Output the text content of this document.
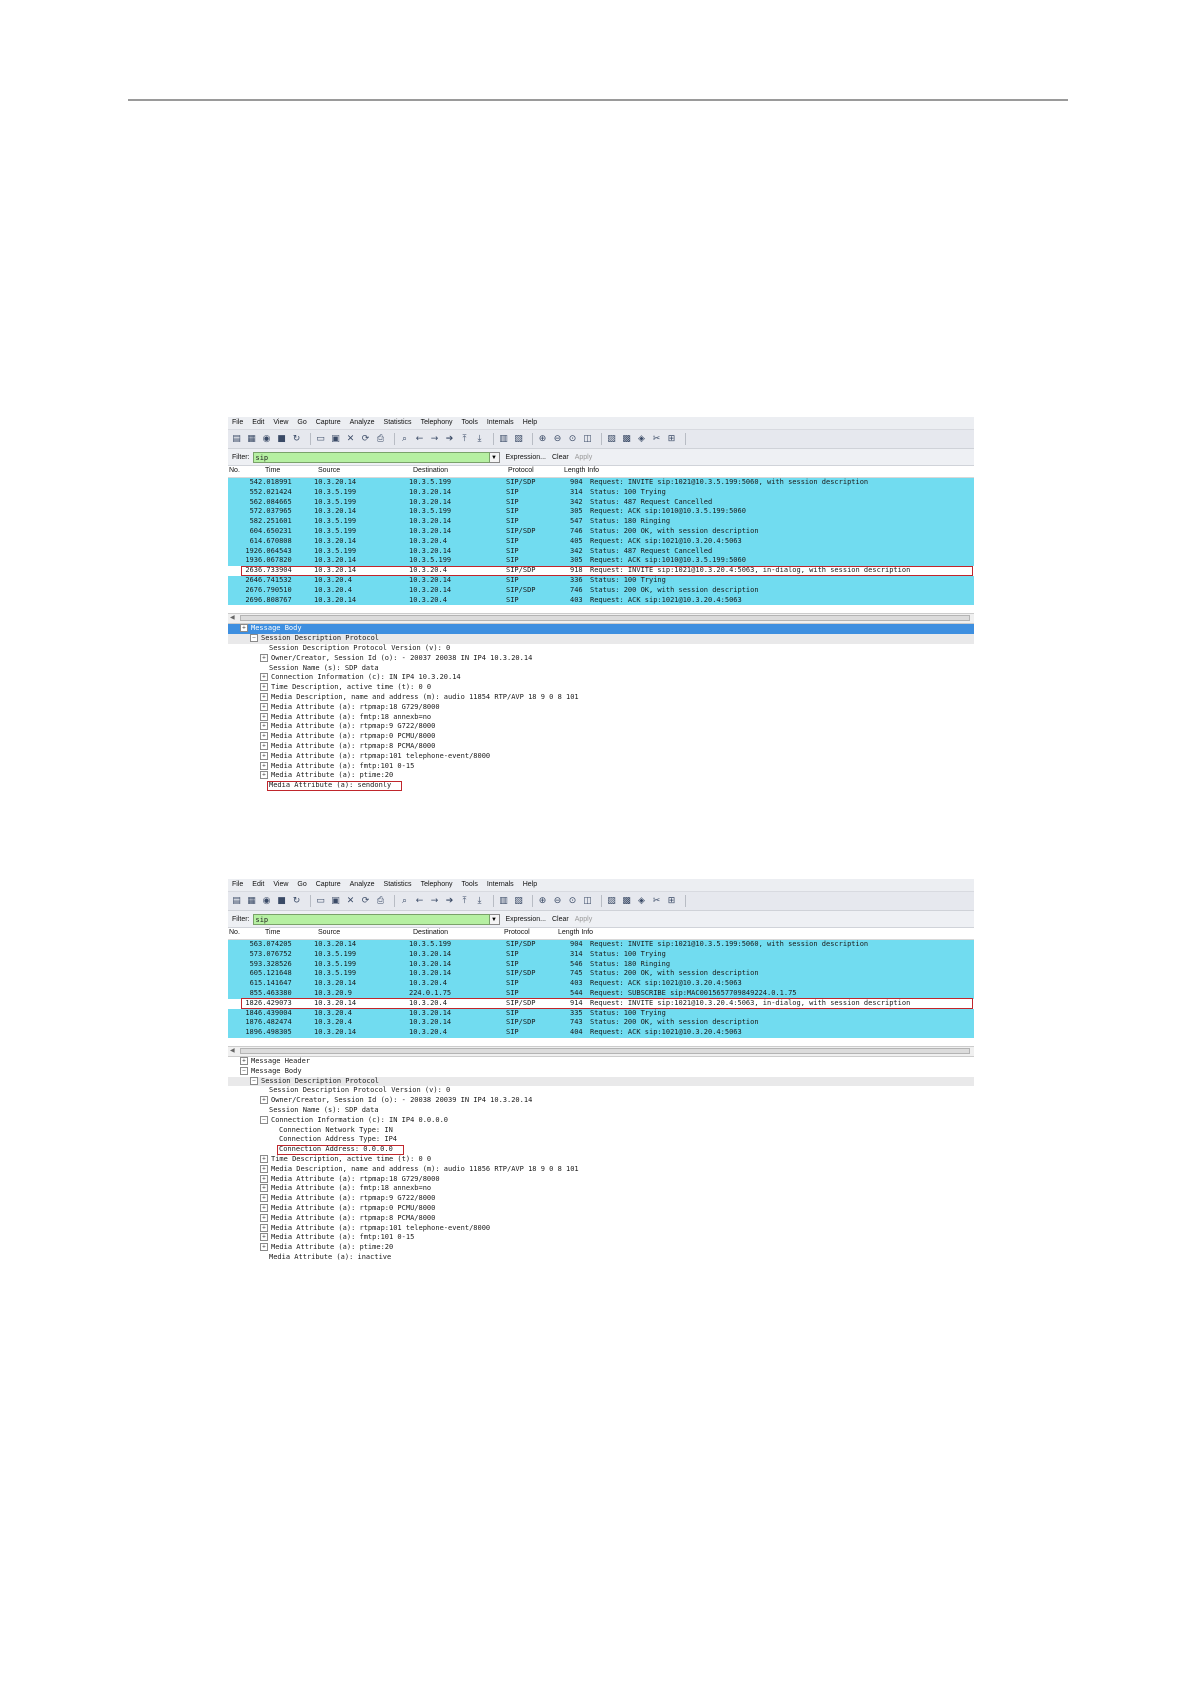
File Edit View Go Capture Analyze Statistics Telephony Tools Internals Help
▤ ▦ ◉ ■ ↻ ▭ ▣ ✕ ⟳ ⎙	⌕ ← → ➔	⤒	⤓	▥ ▧ ⊕ ⊖ ⊙ ◫ ▨ ▩ ◈ ✂ ⊞
Filter: sip	▼	Expression... Clear Apply
No.	Time	Source	Destination	Protocol	Length Info
54 2.018991	10.3.20.14	10.3.5.199	SIP/SDP	904 Request: INVITE sip:1021@10.3.5.199:5060, with session description
55 2.021424	10.3.5.199	10.3.20.14	SIP	314 Status: 100 Trying
56 2.084665	10.3.5.199	10.3.20.14	SIP	342 Status: 487 Request Cancelled
57 2.037965	10.3.20.14	10.3.5.199	SIP	305 Request: ACK sip:1010@10.3.5.199:5060
58 2.251601	10.3.5.199	10.3.20.14	SIP	547 Status: 180 Ringing
60 4.650231	10.3.5.199	10.3.20.14	SIP/SDP	746 Status: 200 OK, with session description
61 4.670808	10.3.20.14	10.3.20.4	SIP	405 Request: ACK sip:1021@10.3.20.4:5063
192 6.064543	10.3.5.199	10.3.20.14	SIP	342 Status: 487 Request Cancelled
193 6.067820	10.3.20.14	10.3.5.199	SIP	305 Request: ACK sip:1010@10.3.5.199:5060
263 6.733904	10.3.20.14	10.3.20.4	SIP/SDP	918 Request: INVITE sip:1021@10.3.20.4:5063, in-dialog, with session description
264 6.741532	10.3.20.4	10.3.20.14	SIP	336 Status: 100 Trying
267 6.790510	10.3.20.4	10.3.20.14	SIP/SDP	746 Status: 200 OK, with session description
269 6.808767	10.3.20.14	10.3.20.4	SIP	403 Request: ACK sip:1021@10.3.20.4:5063
◀
+ Message Body
− Session Description Protocol
Session Description Protocol Version (v): 0
+ Owner/Creator, Session Id (o): - 20037 20038 IN IP4 10.3.20.14
Session Name (s): SDP data
+ Connection Information (c): IN IP4 10.3.20.14
+ Time Description, active time (t): 0 0
+ Media Description, name and address (m): audio 11854 RTP/AVP 18 9 0 8 101
+ Media Attribute (a): rtpmap:18 G729/8000
+ Media Attribute (a): fmtp:18 annexb=no
+ Media Attribute (a): rtpmap:9 G722/8000
+ Media Attribute (a): rtpmap:0 PCMU/8000
+ Media Attribute (a): rtpmap:8 PCMA/8000
+ Media Attribute (a): rtpmap:101 telephone-event/8000
+ Media Attribute (a): fmtp:101 0-15
+ Media Attribute (a): ptime:20
Media Attribute (a): sendonly
File Edit View Go Capture Analyze Statistics Telephony Tools Internals Help
▤ ▦ ◉ ■ ↻ ▭ ▣ ✕ ⟳ ⎙	⌕ ← → ➔	⤒	⤓	▥ ▧ ⊕ ⊖ ⊙ ◫ ▨ ▩ ◈ ✂ ⊞
Filter: sip	▼	Expression... Clear Apply
No.	Time	Source	Destination	Protocol	Length Info
56 3.074205	10.3.20.14	10.3.5.199	SIP/SDP	904 Request: INVITE sip:1021@10.3.5.199:5060, with session description
57 3.076752	10.3.5.199	10.3.20.14	SIP	314 Status: 100 Trying
59 3.328526	10.3.5.199	10.3.20.14	SIP	546 Status: 180 Ringing
60 5.121648	10.3.5.199	10.3.20.14	SIP/SDP	745 Status: 200 OK, with session description
61 5.141647	10.3.20.14	10.3.20.4	SIP	403 Request: ACK sip:1021@10.3.20.4:5063
85 5.463380	10.3.20.9	224.0.1.75	SIP	544 Request: SUBSCRIBE sip:MAC0015657709849224.0.1.75
182 6.429073	10.3.20.14	10.3.20.4	SIP/SDP	914 Request: INVITE sip:1021@10.3.20.4:5063, in-dialog, with session description
184 6.439004	10.3.20.4	10.3.20.14	SIP	335 Status: 100 Trying
187 6.482474	10.3.20.4	10.3.20.14	SIP/SDP	743 Status: 200 OK, with session description
189 6.498305	10.3.20.14	10.3.20.4	SIP	404 Request: ACK sip:1021@10.3.20.4:5063
◀
+ Message Header
− Message Body
− Session Description Protocol
Session Description Protocol Version (v): 0
+ Owner/Creator, Session Id (o): - 20038 20039 IN IP4 10.3.20.14
Session Name (s): SDP data
− Connection Information (c): IN IP4 0.0.0.0
Connection Network Type: IN
Connection Address Type: IP4
Connection Address: 0.0.0.0
+ Time Description, active time (t): 0 0
+ Media Description, name and address (m): audio 11856 RTP/AVP 18 9 0 8 101
+ Media Attribute (a): rtpmap:18 G729/8000
+ Media Attribute (a): fmtp:18 annexb=no
+ Media Attribute (a): rtpmap:9 G722/8000
+ Media Attribute (a): rtpmap:0 PCMU/8000
+ Media Attribute (a): rtpmap:8 PCMA/8000
+ Media Attribute (a): rtpmap:101 telephone-event/8000
+ Media Attribute (a): fmtp:101 0-15
+ Media Attribute (a): ptime:20
Media Attribute (a): inactive
